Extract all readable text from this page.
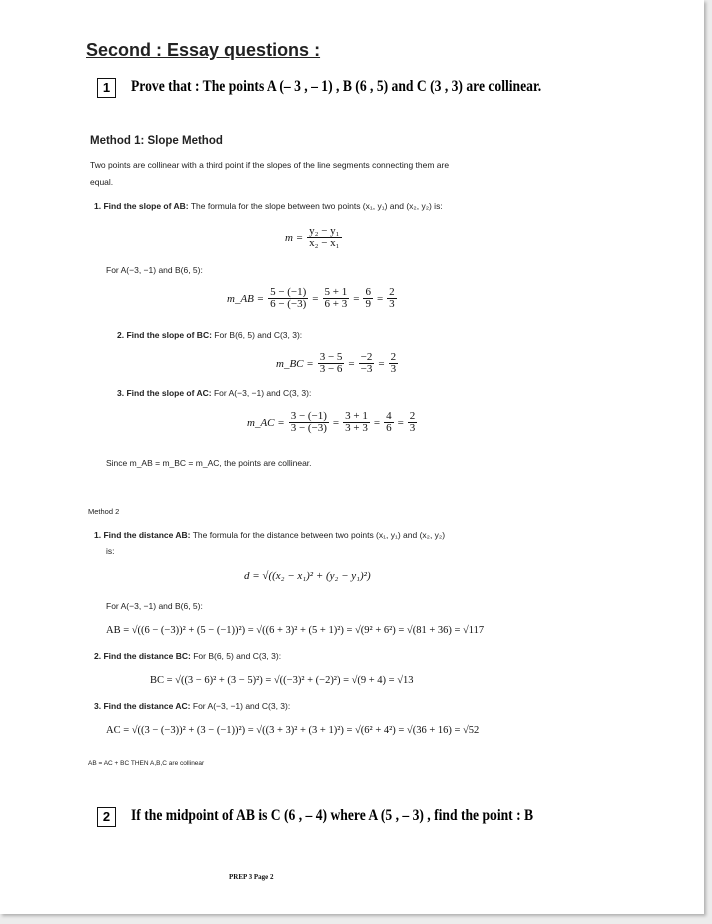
Second : Essay questions :
1	Prove that : The points A (– 3 , – 1) , B (6 , 5) and C (3 , 3) are collinear.
Method 1: Slope Method
Two points are collinear with a third point if the slopes of the line segments connecting them are
equal.
1. Find the slope of AB: The formula for the slope between two points (x₁, y₁) and (x₂, y₂) is:
$m = \frac{\text{y₂ − y₁}}{\text{x₂ − x₁}}$
For A(−3, −1) and B(6, 5):
m_AB = $\frac{5 - (-1)}{6 - (-3)} = \frac{5 + 1}{6 + 3} = \frac{6}{9} = \frac{2}{3}$
2. Find the slope of BC: For B(6, 5) and C(3, 3):
m_BC = $\frac{3 - 5}{3 - 6} = \frac{-2}{-3} = \frac{2}{3}$
3. Find the slope of AC: For A(−3, −1) and C(3, 3):
m_AC = $\frac{3 - (-1)}{3 - (-3)} = \frac{3 + 1}{3 + 3} = \frac{4}{6} = \frac{2}{3}$
Since m_AB = m_BC = m_AC, the points are collinear.
Method 2
1. Find the distance AB: The formula for the distance between two points (x₁, y₁) and (x₂, y₂)
is:
d = √((x₂ − x₁)² + (y₂ − y₁)²)
For A(−3, −1) and B(6, 5):
AB = √((6 − (−3))² + (5 − (−1))²) = √((6 + 3)² + (5 + 1)²) = √(9² + 6²) = √(81 + 36) = √117
2. Find the distance BC: For B(6, 5) and C(3, 3):
BC = √((3 − 6)² + (3 − 5)²) = √((−3)² + (−2)²) = √(9 + 4) = √13
3. Find the distance AC: For A(−3, −1) and C(3, 3):
AC = √((3 − (−3))² + (3 − (−1))²) = √((3 + 3)² + (3 + 1)²) = √(6² + 4²) = √(36 + 16) = √52
AB = AC + BC THEN A,B,C are collinear
2	If the midpoint of AB is C (6 , – 4) where A (5 , – 3) , find the point : B
PREP 3 Page 2
